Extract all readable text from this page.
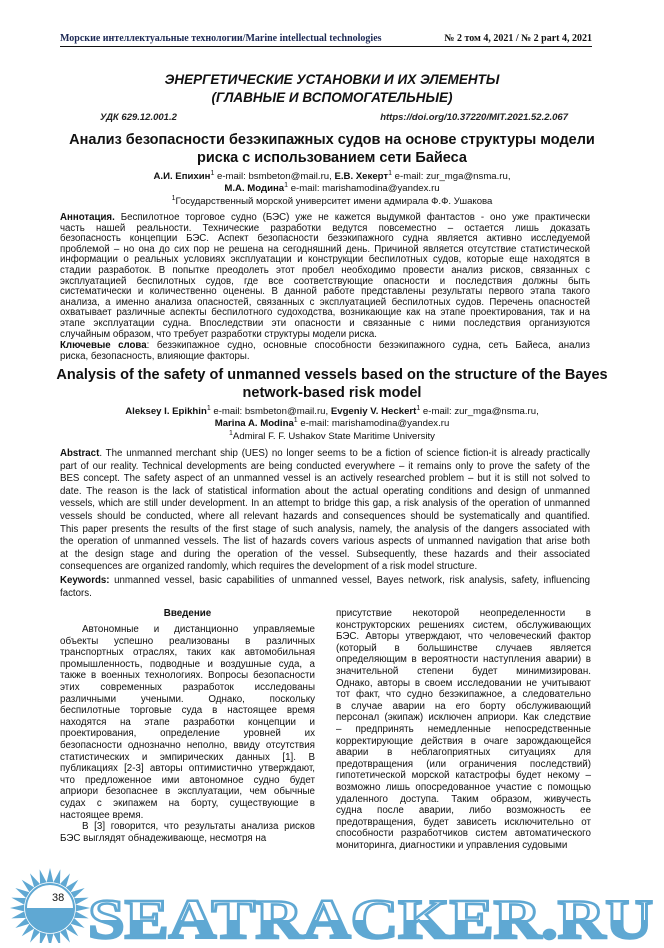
Морские интеллектуальные технологии/Marine intellectual technologies	№ 2 том 4, 2021 / № 2 part 4, 2021
ЭНЕРГЕТИЧЕСКИЕ УСТАНОВКИ И ИХ ЭЛЕМЕНТЫ
(ГЛАВНЫЕ И ВСПОМОГАТЕЛЬНЫЕ)
УДК 629.12.001.2	https://doi.org/10.37220/MIT.2021.52.2.067
Анализ безопасности безэкипажных судов на основе структуры модели
риска с использованием сети Байеса
А.И. Епихин$^1$ e-mail: bsmbeton@mail.ru, Е.В. Хекерт$^1$ e-mail: zur_mga@nsma.ru,
М.А. Модина$^1$ e-mail: marishamodina@yandex.ru
$^1$Государственный морской университет имени адмирала Ф.Ф. Ушакова
Аннотация. Беспилотное торговое судно (БЭС) уже не кажется выдумкой фантастов - оно уже практически
часть нашей реальности. Технические разработки ведутся повсеместно – остается лишь доказать
безопасность концепции БЭС. Аспект безопасности безэкипажного судна является активно исследуемой
проблемой – но она до сих пор не решена на сегодняшний день. Причиной является отсутствие статистической
информации о реальных условиях эксплуатации и конструкции беспилотных судов, которые еще находятся в
стадии разработок. В попытке преодолеть этот пробел необходимо провести анализ рисков, связанных с
эксплуатацией беспилотных судов, где все соответствующие опасности и последствия должны быть
систематически и количественно оценены. В данной работе представлены результаты первого этапа такого
анализа, а именно анализа опасностей, связанных с эксплуатацией беспилотных судов. Перечень опасностей
охватывает различные аспекты беспилотного судоходства, возникающие как на этапе проектирования, так и на
этапе эксплуатации судна. Впоследствии эти опасности и связанные с ними последствия организуются
случайным образом, что требует разработки структуры модели риска.
Ключевые слова: безэкипажное судно, основные способности безэкипажного судна, сеть Байеса, анализ
риска, безопасность, влияющие факторы.
Analysis of the safety of unmanned vessels based on the structure of the Bayes
network-based risk model
Aleksey I. Epikhin$^1$ e-mail: bsmbeton@mail.ru, Evgeniy V. Heckert$^1$ e-mail: zur_mga@nsma.ru,
Marina A. Modina$^1$ e-mail: marishamodina@yandex.ru
$^1$Admiral F. F. Ushakov State Maritime University
Abstract. The unmanned merchant ship (UES) no longer seems to be a fiction of science fiction-it is already practically
part of our reality. Technical developments are being conducted everywhere – it remains only to prove the safety of the
BES concept. The safety aspect of an unmanned vessel is an actively researched problem – but it is still not solved to
date. The reason is the lack of statistical information about the actual operating conditions and design of unmanned
vessels, which are still under development. In an attempt to bridge this gap, a risk analysis of the operation of unmanned
vessels should be conducted, where all relevant hazards and consequences should be systematically and quantified.
This paper presents the results of the first stage of such analysis, namely, the analysis of the dangers associated with
the operation of unmanned vessels. The list of hazards covers various aspects of unmanned navigation that arise both
at the design stage and during the operation of the vessel. Subsequently, these hazards and their associated
consequences are organized randomly, which requires the development of a risk model structure.
Keywords: unmanned vessel, basic capabilities of unmanned vessel, Bayes network, risk analysis, safety, influencing
factors.
Введение
Автономные и дистанционно управляемые
объекты успешно реализованы в различных
транспортных отраслях, таких как автомобильная
промышленность, подводные и воздушные суда, а
также в военных технологиях. Вопросы безопасности
этих современных разработок исследованы
различными учеными. Однако, поскольку
беспилотные торговые суда в настоящее время
находятся на этапе разработки концепции и
проектирования, определение уровней их
безопасности однозначно неполно, ввиду отсутствия
статистических и эмпирических данных [1]. В
публикациях [2-3] авторы оптимистично утверждают,
что предложенное ими автономное судно будет
априори безопаснее в эксплуатации, чем обычные
судах с экипажем на борту, существующие в
настоящее время.
В [3] говорится, что результаты анализа рисков
БЭС выглядят обнадеживающе, несмотря на
присутствие некоторой неопределенности в
конструкторских решениях систем, обслуживающих
БЭС. Авторы утверждают, что человеческий фактор
(который в большинстве случаев является
определяющим в вероятности наступления аварии) в
значительной степени будет минимизирован.
Однако, авторы в своем исследовании не учитывают
тот факт, что судно безэкипажное, а следовательно
в случае аварии на его борту обслуживающий
персонал (экипаж) исключен априори. Как следствие
– предпринять немедленные непосредственные
корректирующие действия в очаге зарождающейся
аварии в неблагоприятных ситуациях для
предотвращения (или ограничения последствий)
гипотетической морской катастрофы будет некому –
возможно лишь опосредованное участие с помощью
удаленного доступа. Таким образом, живучесть
судна после аварии, либо возможность ее
предотвращения, будет зависеть исключительно от
способности разработчиков систем автоматического
мониторинга, диагностики и управления судовыми
SEATRACKER.RU
38
